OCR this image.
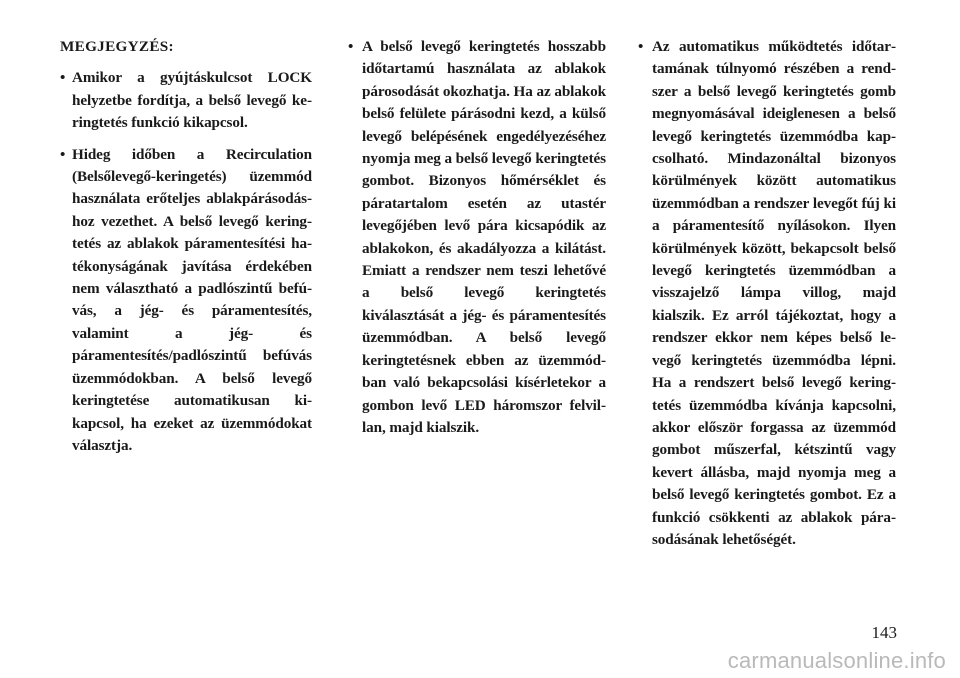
MEGJEGYZÉS:
• Amikor a gyújtáskulcsot LOCK helyzetbe fordítja, a belső levegő keringtetés funkció kikapcsol.
• Hideg időben a Recirculation (Belsőlevegő-keringetés) üzemmód használata erőteljes ablakpárásodáshoz vezethet. A belső levegő keringtetés az ablakok páramentesítési hatékonyságának javítása érdekében nem választható a padlószintű befúvás, a jég- és páramentesítés, valamint a jég- és páramentesítés/padlószintű befúvás üzemmódokban. A belső levegő keringtetése automatikusan kikapcsol, ha ezeket az üzemmódokat választja.
• A belső levegő keringtetés hosszabb időtartamú használata az ablakok párosodását okozhatja. Ha az ablakok belső felülete párásodni kezd, a külső levegő belépésének engedélyezéséhez nyomja meg a belső levegő keringtetés gombot. Bizonyos hőmérséklet és páratartalom esetén az utastér levegőjében levő pára kicsapódik az ablakokon, és akadályozza a kilátást. Emiatt a rendszer nem teszi lehetővé a belső levegő keringtetés kiválasztását a jég- és páramentesítés üzemmódban. A belső levegő keringtetésnek ebben az üzemmódban való bekapcsolási kísérletekor a gombon levő LED háromszor felvillan, majd kialszik.
• Az automatikus működtetés időtartamának túlnyomó részében a rendszer a belső levegő keringtetés gomb megnyomásával ideiglenesen a belső levegő keringtetés üzemmódba kapcsolható. Mindazonáltal bizonyos körülmények között automatikus üzemmódban a rendszer levegőt fúj ki a páramentesítő nyílásokon. Ilyen körülmények között, bekapcsolt belső levegő keringtetés üzemmódban a visszajelző lámpa villog, majd kialszik. Ez arról tájékoztat, hogy a rendszer ekkor nem képes belső levegő keringtetés üzemmódba lépni. Ha a rendszert belső levegő keringtetés üzemmódba kívánja kapcsolni, akkor először forgassa az üzemmód gombot műszerfal, kétszintű vagy kevert állásba, majd nyomja meg a belső levegő keringtetés gombot. Ez a funkció csökkenti az ablakok párasodásának lehetőségét.
143
carmanualsonline.info
